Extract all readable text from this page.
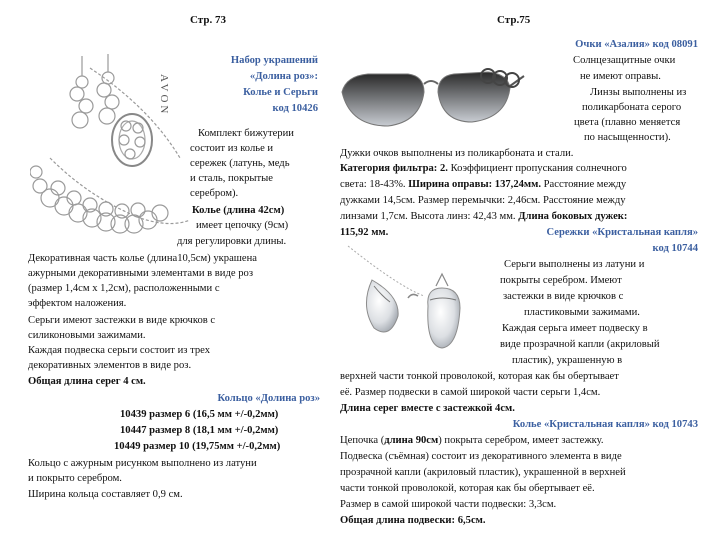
Стр. 73	Стр.75
AVON
Набор украшений
«Долина роз»:
Колье и Серьги
код 10426
Комплект бижутерии
состоит из колье и
сережек (латунь, медь
и сталь, покрытые
серебром).
Колье (длина 42см)
имеет цепочку (9см)
для регулировки длины.
Декоративная часть колье (длина10,5см) украшена
ажурными декоративными элементами в виде роз
(размер 1,4см х 1,2см), расположенными с
эффектом наложения.
Серьги имеют застежки в виде крючков с
силиконовыми зажимами.
Каждая подвеска серьги состоит из трех
декоративных элементов в виде роз.
Общая длина серег 4 см.
Кольцо «Долина роз»
10439 размер 6 (16,5 мм +/-0,2мм)
10447 размер 8 (18,1 мм +/-0,2мм)
10449 размер 10 (19,75мм +/-0,2мм)
Кольцо с ажурным рисунком выполнено из латуни
и покрыто серебром.
Ширина кольца составляет 0,9 см.
Очки «Азалия» код 08091
Солнцезащитные очки
не имеют оправы.
Линзы выполнены из
поликарбоната серого
цвета (плавно меняется
по насыщенности).
Дужки очков выполнены из поликарбоната и стали.
Категория фильтра: 2. Коэффициент пропускания солнечного
света: 18-43%. Ширина оправы: 137,24мм. Расстояние между
дужками 14,5см. Размер перемычки: 2,46см. Расстояние между
линзами 1,7см. Высота линз: 42,43 мм. Длина боковых дужек:
115,92 мм.	Сережки «Кристальная капля»
код 10744
Серьги выполнены из латуни и
покрыты серебром. Имеют
застежки в виде крючков с
пластиковыми зажимами.
Каждая серьга имеет подвеску в
виде прозрачной капли (акриловый
пластик), украшенную в
верхней части тонкой проволокой, которая как бы обертывает
её. Размер подвески в самой широкой части серьги 1,4см.
Длина серег вместе с застежкой 4см.
Колье «Кристальная капля» код 10743
Цепочка (длина 90см) покрыта серебром, имеет застежку.
Подвеска (съёмная) состоит из декоративного элемента в виде
прозрачной капли (акриловый пластик), украшенной в верхней
части тонкой проволокой, которая как бы обертывает её.
Размер в самой широкой части подвески: 3,3см.
Общая длина подвески: 6,5см.
